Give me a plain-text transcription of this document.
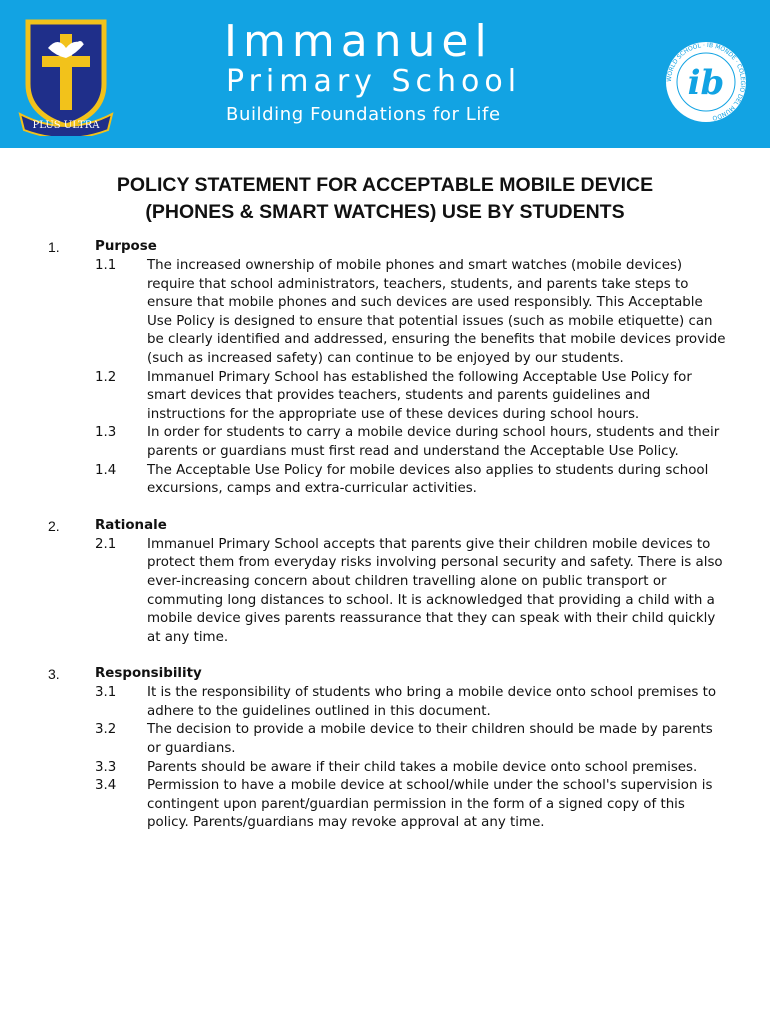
PLUS ULTRA
Immanuel
Primary School
Building Foundations for Life
WORLD SCHOOL · IB MONDE · COLEGIO DEL MUNDO
ib
POLICY STATEMENT FOR ACCEPTABLE MOBILE DEVICE
(PHONES & SMART WATCHES) USE BY STUDENTS
1.	Purpose
1.1 The increased ownership of mobile phones and smart watches (mobile devices) require that school administrators, teachers, students, and parents take steps to ensure that mobile phones and such devices are used responsibly. This Acceptable Use Policy is designed to ensure that potential issues (such as mobile etiquette) can be clearly identified and addressed, ensuring the benefits that mobile devices provide (such as increased safety) can continue to be enjoyed by our students.
1.2 Immanuel Primary School has established the following Acceptable Use Policy for smart devices that provides teachers, students and parents guidelines and instructions for the appropriate use of these devices during school hours.
1.3 In order for students to carry a mobile device during school hours, students and their parents or guardians must first read and understand the Acceptable Use Policy.
1.4 The Acceptable Use Policy for mobile devices also applies to students during school excursions, camps and extra-curricular activities.
2.	Rationale
2.1 Immanuel Primary School accepts that parents give their children mobile devices to protect them from everyday risks involving personal security and safety. There is also ever-increasing concern about children travelling alone on public transport or commuting long distances to school. It is acknowledged that providing a child with a mobile device gives parents reassurance that they can speak with their child quickly at any time.
3.	Responsibility
3.1 It is the responsibility of students who bring a mobile device onto school premises to adhere to the guidelines outlined in this document.
3.2 The decision to provide a mobile device to their children should be made by parents or guardians.
3.3 Parents should be aware if their child takes a mobile device onto school premises.
3.4 Permission to have a mobile device at school/while under the school's supervision is contingent upon parent/guardian permission in the form of a signed copy of this policy. Parents/guardians may revoke approval at any time.
